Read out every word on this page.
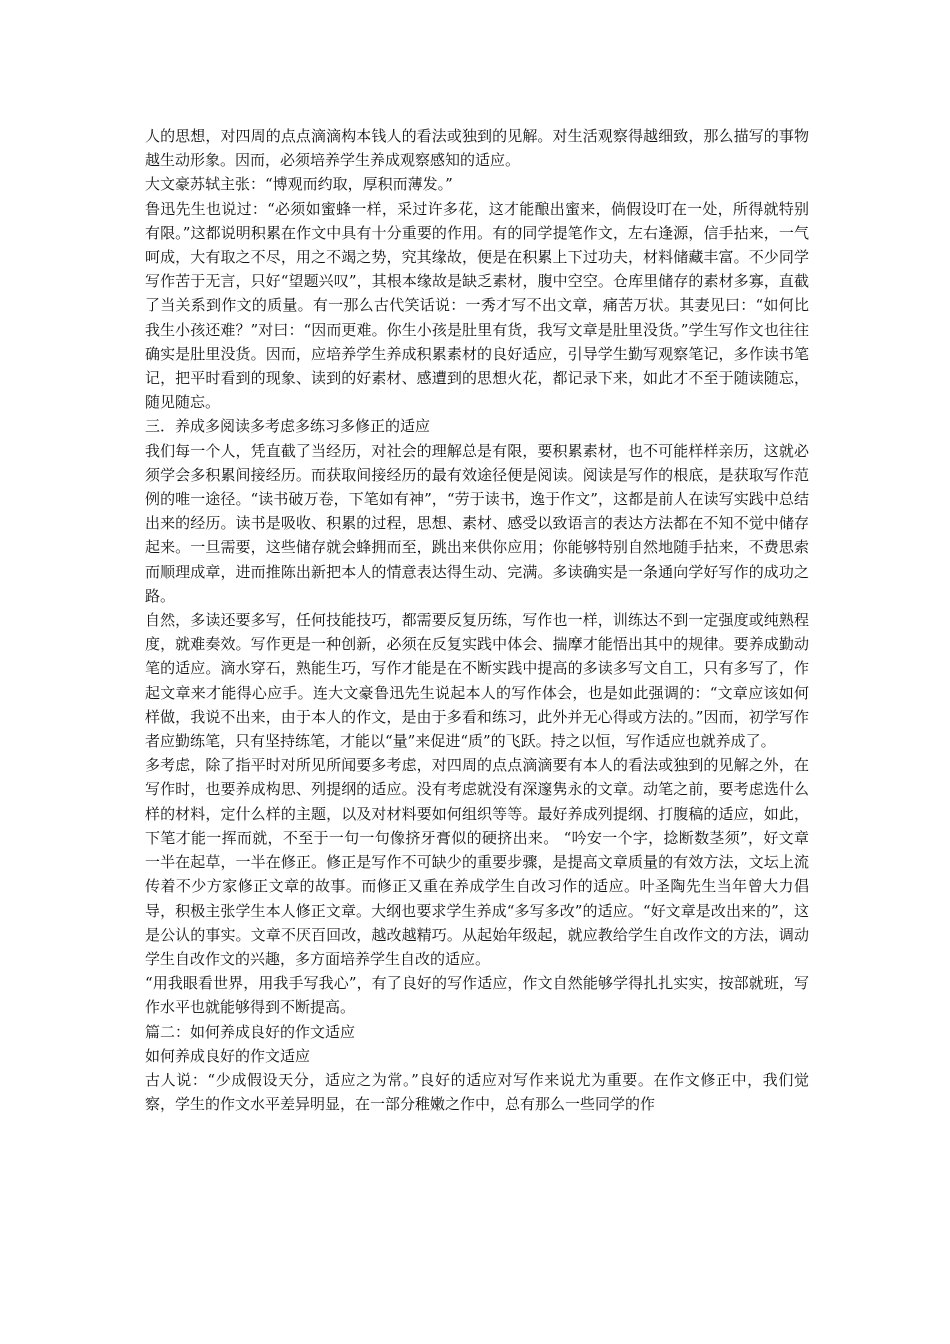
人的思想，对四周的点点滴滴构本钱人的看法或独到的见解。对生活观察得越细致，那么描写的事物越生动形象。因而，必须培养学生养成观察感知的适应。

大文豪苏轼主张：“博观而约取，厚积而薄发。”

鲁迅先生也说过：“必须如蜜蜂一样，采过许多花，这才能酿出蜜来，倘假设叮在一处，所得就特别有限。”这都说明积累在作文中具有十分重要的作用。有的同学提笔作文，左右逢源，信手拈来，一气呵成，大有取之不尽，用之不竭之势，究其缘故，便是在积累上下过功夫，材料储藏丰富。不少同学写作苦于无言，只好“望题兴叹”，其根本缘故是缺乏素材，腹中空空。仓库里储存的素材多寡，直截了当关系到作文的质量。有一那么古代笑话说：一秀才写不出文章，痛苦万状。其妻见曰：“如何比我生小孩还难？”对曰：“因而更难。你生小孩是肚里有货，我写文章是肚里没货。”学生写作文也往往确实是肚里没货。因而，应培养学生养成积累素材的良好适应，引导学生勤写观察笔记，多作读书笔记，把平时看到的现象、读到的好素材、感遭到的思想火花，都记录下来，如此才不至于随读随忘，随见随忘。

三．养成多阅读多考虑多练习多修正的适应

我们每一个人，凭直截了当经历，对社会的理解总是有限，要积累素材，也不可能样样亲历，这就必须学会多积累间接经历。而获取间接经历的最有效途径便是阅读。阅读是写作的根底，是获取写作范例的唯一途径。“读书破万卷，下笔如有神”，“劳于读书，逸于作文”，这都是前人在读写实践中总结出来的经历。读书是吸收、积累的过程，思想、素材、感受以致语言的表达方法都在不知不觉中储存起来。一旦需要，这些储存就会蜂拥而至，跳出来供你应用；你能够特别自然地随手拈来，不费思索而顺理成章，进而推陈出新把本人的情意表达得生动、完满。多读确实是一条通向学好写作的成功之路。

自然，多读还要多写，任何技能技巧，都需要反复历练，写作也一样，训练达不到一定强度或纯熟程度，就难奏效。写作更是一种创新，必须在反复实践中体会、揣摩才能悟出其中的规律。要养成勤动笔的适应。滴水穿石，熟能生巧，写作才能是在不断实践中提高的多读多写文自工，只有多写了，作起文章来才能得心应手。连大文豪鲁迅先生说起本人的写作体会，也是如此强调的：“文章应该如何样做，我说不出来，由于本人的作文，是由于多看和练习，此外并无心得或方法的。”因而，初学写作者应勤练笔，只有坚持练笔，才能以“量”来促进“质”的飞跃。持之以恒，写作适应也就养成了。

多考虑，除了指平时对所见所闻要多考虑，对四周的点点滴滴要有本人的看法或独到的见解之外，在写作时，也要养成构思、列提纲的适应。没有考虑就没有深邃隽永的文章。动笔之前，要考虑选什么样的材料，定什么样的主题，以及对材料要如何组织等等。最好养成列提纲、打腹稿的适应，如此，下笔才能一挥而就，不至于一句一句像挤牙膏似的硬挤出来。 “吟安一个字，捻断数茎须”，好文章一半在起草，一半在修正。修正是写作不可缺少的重要步骤，是提高文章质量的有效方法，文坛上流传着不少方家修正文章的故事。而修正又重在养成学生自改习作的适应。叶圣陶先生当年曾大力倡导，积极主张学生本人修正文章。大纲也要求学生养成“多写多改”的适应。“好文章是改出来的”，这是公认的事实。文章不厌百回改，越改越精巧。从起始年级起，就应教给学生自改作文的方法，调动学生自改作文的兴趣，多方面培养学生自改的适应。

“用我眼看世界，用我手写我心”，有了良好的写作适应，作文自然能够学得扎扎实实，按部就班，写作水平也就能够得到不断提高。

篇二：如何养成良好的作文适应

如何养成良好的作文适应

古人说：“少成假设天分，适应之为常。”良好的适应对写作来说尤为重要。在作文修正中，我们觉察，学生的作文水平差异明显，在一部分稚嫩之作中，总有那么一些同学的作
